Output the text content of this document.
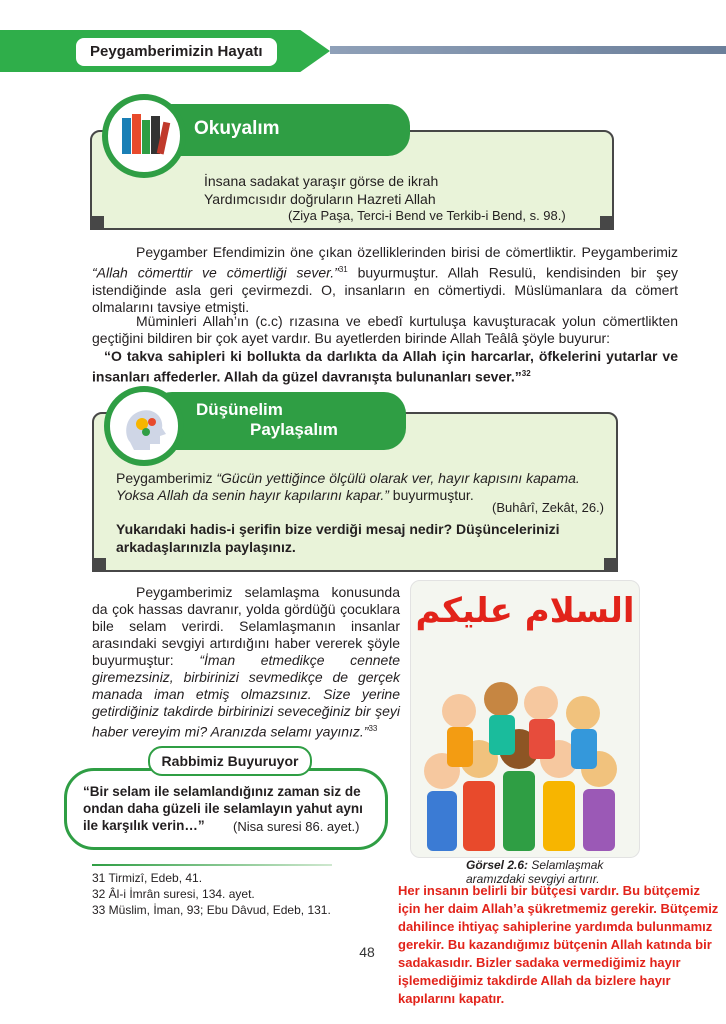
Peygamberimizin Hayatı
İnsana sadakat yaraşır görse de ikrah
Yardımcısıdır doğruların Hazreti Allah
(Ziya Paşa, Terci-i Bend ve Terkib-i Bend, s. 98.)
Okuyalım
Peygamber Efendimizin öne çıkan özelliklerinden birisi de cömertliktir. Peygamberimiz “Allah cömerttir ve cömertliği sever.”$^{31}$ buyurmuştur. Allah Resulü, kendisinden bir şey istendiğinde asla geri çevirmezdi. O, insanların en cömertiydi. Müslümanlara da cömert olmalarını tavsiye etmişti.
Müminleri Allah’ın (c.c) rızasına ve ebedî kurtuluşa kavuşturacak yolun cömertlikten geçtiğini bildiren bir çok ayet vardır. Bu ayetlerden birinde Allah Teâlâ şöyle buyurur:
“O takva sahipleri ki bollukta da darlıkta da Allah için harcarlar, öfkelerini yutarlar ve insanları affederler. Allah da güzel davranışta bulunanları sever.”$^{32}$
Peygamberimiz “Gücün yettiğince ölçülü olarak ver, hayır kapısını kapama. Yoksa Allah da senin hayır kapılarını kapar.” buyurmuştur.
(Buhârî, Zekât, 26.)
Yukarıdaki hadis-i şerifin bize verdiği mesaj nedir? Düşüncelerinizi arkadaşlarınızla paylaşınız.
Düşünelim
Paylaşalım
Peygamberimiz selamlaşma konusunda da çok hassas davranır, yolda gördüğü çocuklara bile selam verirdi. Selamlaşmanın insanlar arasındaki sevgiyi artırdığını haber vererek şöyle buyurmuştur: “İman etmedikçe cennete giremezsiniz, birbirinizi sevmedikçe de gerçek manada iman etmiş olmazsınız. Size yerine getirdiğiniz takdirde birbirinizi seveceğiniz bir şeyi haber vereyim mi? Aranızda selamı yayınız.”$^{33}$
السلام عليكم
Görsel 2.6: Selamlaşmak aramızdaki sevgiyi artırır.
“Bir selam ile selamlandığınız zaman siz de ondan daha güzeli ile selamlayın yahut aynı ile karşılık verin…”	(Nisa suresi 86. ayet.)
Rabbimiz Buyuruyor
31 Tirmizî, Edeb, 41.
32 Âl-i İmrân suresi, 134. ayet.
33 Müslim, İman, 93; Ebu Dâvud, Edeb, 131.
48
Her insanın belirli bir bütçesi vardır. Bu bütçemiz için her daim Allah’a şükretmemiz gerekir. Bütçemiz dahilince ihtiyaç sahiplerine yardımda bulunmamız gerekir. Bu kazandığımız bütçenin Allah katında bir sadakasıdır. Bizler sadaka vermediğimiz hayır işlemediğimiz takdirde Allah da bizlere hayır kapılarını kapatır.
